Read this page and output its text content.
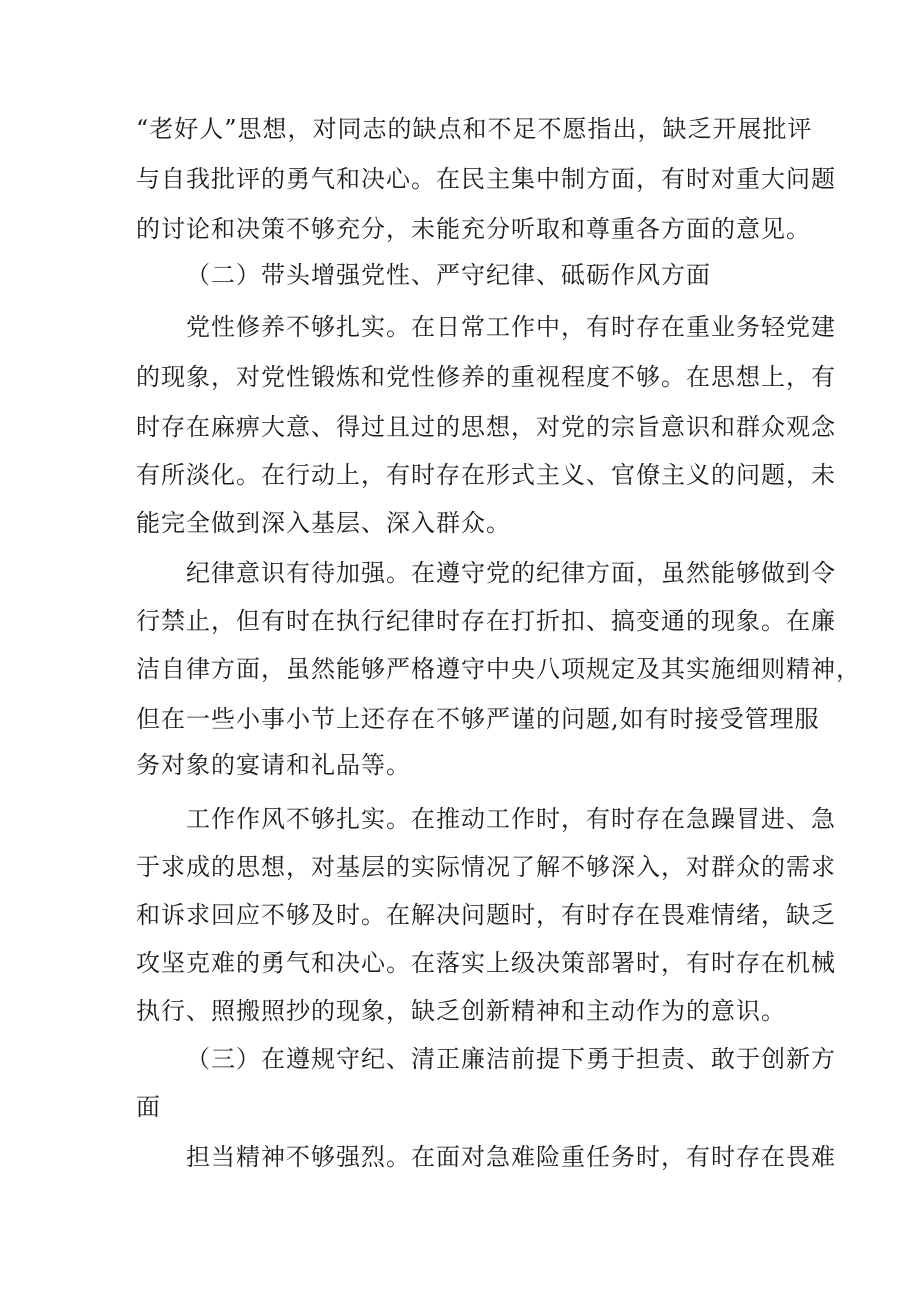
“老好人”思想，对同志的缺点和不足不愿指出，缺乏开展批评
与自我批评的勇气和决心。在民主集中制方面，有时对重大问题
的讨论和决策不够充分，未能充分听取和尊重各方面的意见。
（二）带头增强党性、严守纪律、砥砺作风方面
党性修养不够扎实。在日常工作中，有时存在重业务轻党建
的现象，对党性锻炼和党性修养的重视程度不够。在思想上，有
时存在麻痹大意、得过且过的思想，对党的宗旨意识和群众观念
有所淡化。在行动上，有时存在形式主义、官僚主义的问题，未
能完全做到深入基层、深入群众。
纪律意识有待加强。在遵守党的纪律方面，虽然能够做到令
行禁止，但有时在执行纪律时存在打折扣、搞变通的现象。在廉
洁自律方面，虽然能够严格遵守中央八项规定及其实施细则精神，
但在一些小事小节上还存在不够严谨的问题,如有时接受管理服
务对象的宴请和礼品等。
工作作风不够扎实。在推动工作时，有时存在急躁冒进、急
于求成的思想，对基层的实际情况了解不够深入，对群众的需求
和诉求回应不够及时。在解决问题时，有时存在畏难情绪，缺乏
攻坚克难的勇气和决心。在落实上级决策部署时，有时存在机械
执行、照搬照抄的现象，缺乏创新精神和主动作为的意识。
（三）在遵规守纪、清正廉洁前提下勇于担责、敢于创新方
面
担当精神不够强烈。在面对急难险重任务时，有时存在畏难
